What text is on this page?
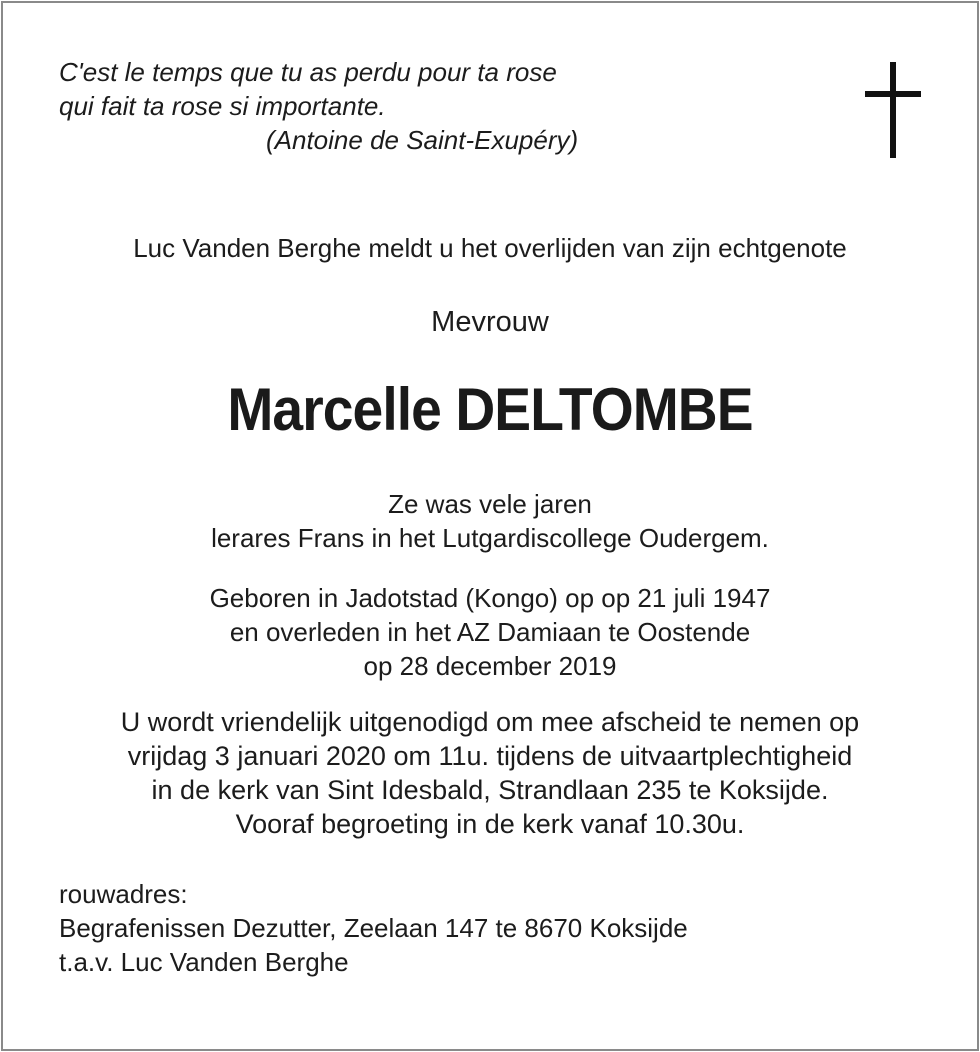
C'est le temps que tu as perdu pour ta rose
qui fait ta rose si importante.
(Antoine de Saint-Exupéry)
Luc Vanden Berghe meldt u het overlijden van zijn echtgenote
Mevrouw
Marcelle DELTOMBE
Ze was vele jaren
lerares Frans in het Lutgardiscollege Oudergem.
Geboren in Jadotstad (Kongo) op op 21 juli 1947
en overleden in het AZ Damiaan te Oostende
op 28 december 2019
U wordt vriendelijk uitgenodigd om mee afscheid te nemen op
vrijdag 3 januari 2020 om 11u. tijdens de uitvaartplechtigheid
in de kerk van Sint Idesbald, Strandlaan 235 te Koksijde.
Vooraf begroeting in de kerk vanaf 10.30u.
rouwadres:
Begrafenissen Dezutter, Zeelaan 147 te 8670 Koksijde
t.a.v. Luc Vanden Berghe
